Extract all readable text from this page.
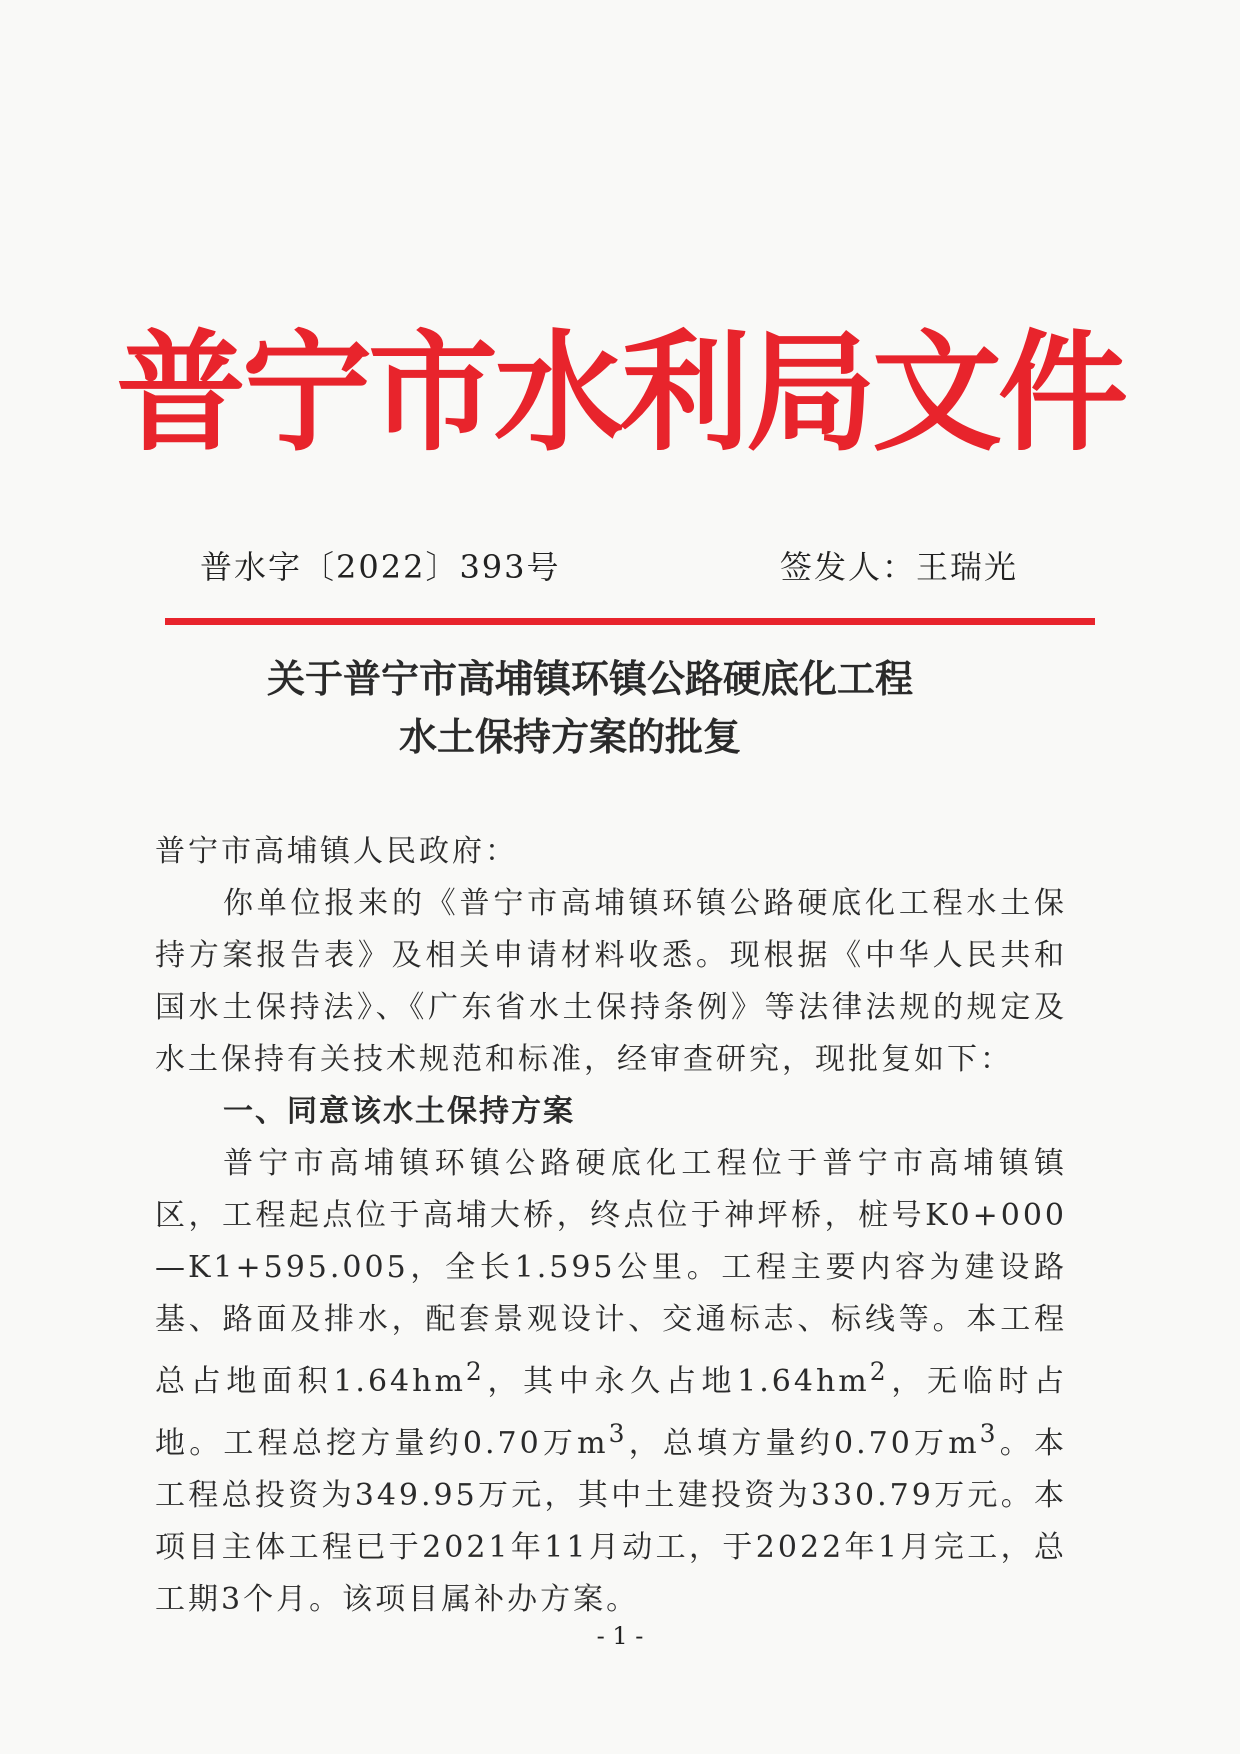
普宁市水利局文件
普水字〔2022〕393号	签发人：王瑞光
关于普宁市高埔镇环镇公路硬底化工程
水土保持方案的批复

普宁市高埔镇人民政府：

你单位报来的《普宁市高埔镇环镇公路硬底化工程水土保持方案报告表》及相关申请材料收悉。现根据《中华人民共和国水土保持法》、《广东省水土保持条例》等法律法规的规定及水土保持有关技术规范和标准，经审查研究，现批复如下：

一、同意该水土保持方案

普宁市高埔镇环镇公路硬底化工程位于普宁市高埔镇镇区，工程起点位于高埔大桥，终点位于神坪桥，桩号K0+000—K1+595.005，全长1.595公里。工程主要内容为建设路基、路面及排水，配套景观设计、交通标志、标线等。本工程总占地面积$1.64hm^2$，其中永久占地$1.64hm^2$，无临时占地。工程总挖方量约0.70万$m^3$，总填方量约0.70万$m^3$。本工程总投资为349.95万元，其中土建投资为330.79万元。本项目主体工程已于2021年11月动工，于2022年1月完工，总工期3个月。该项目属补办方案。

- 1 -
